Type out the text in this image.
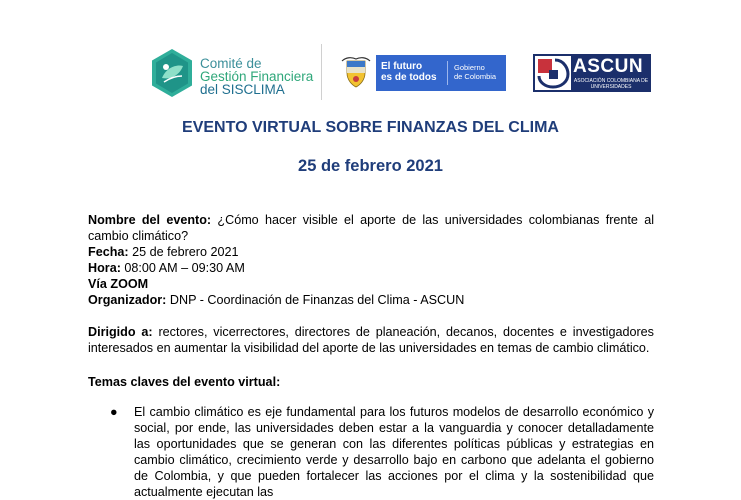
Comité de
Gestión Financiera
del SISCLIMA
El futuro
es de todos
Gobierno
de Colombia	ASCUN
ASOCIACIÓN COLOMBIANA DE UNIVERSIDADES
EVENTO VIRTUAL SOBRE FINANZAS DEL CLIMA
25 de febrero 2021
Nombre del evento: ¿Cómo hacer visible el aporte de las universidades colombianas frente al cambio climático?
Fecha: 25 de febrero 2021
Hora: 08:00 AM – 09:30 AM
Vía ZOOM
Organizador: DNP - Coordinación de Finanzas del Clima - ASCUN
Dirigido a: rectores, vicerrectores, directores de planeación, decanos, docentes e investigadores interesados en aumentar la visibilidad del aporte de las universidades en temas de cambio climático.
Temas claves del evento virtual:
● El cambio climático es eje fundamental para los futuros modelos de desarrollo económico y social, por ende, las universidades deben estar a la vanguardia y conocer detalladamente las oportunidades que se generan con las diferentes políticas públicas y estrategias en cambio climático, crecimiento verde y desarrollo bajo en carbono que adelanta el gobierno de Colombia, y que pueden fortalecer las acciones por el clima y la sostenibilidad que actualmente ejecutan las
